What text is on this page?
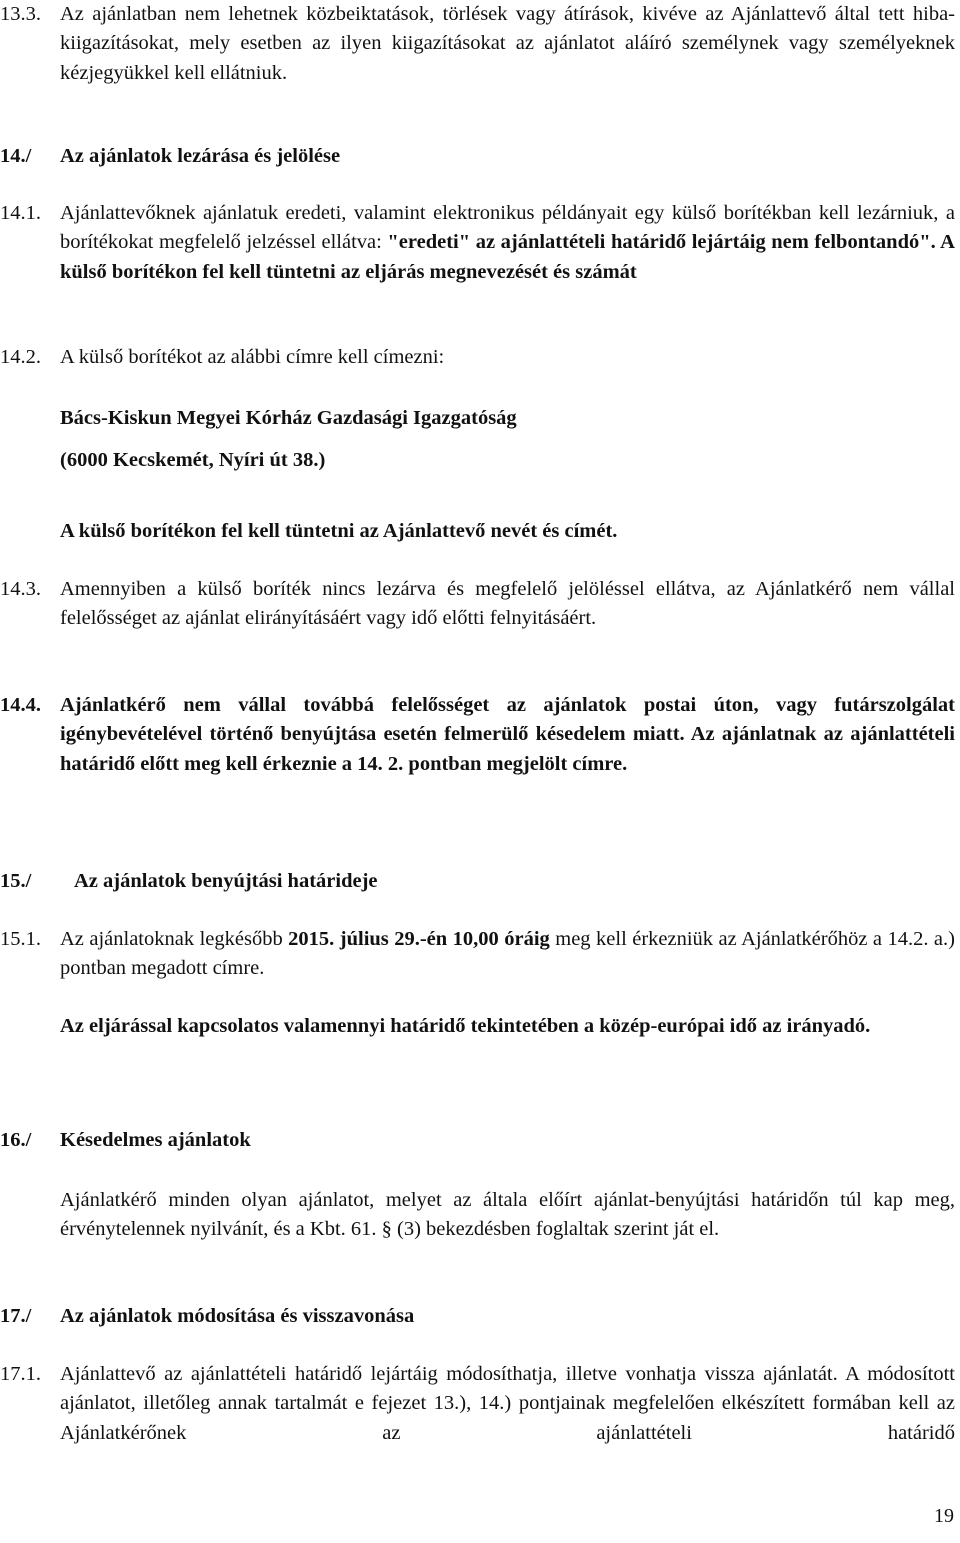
13.3. Az ajánlatban nem lehetnek közbeiktatások, törlések vagy átírások, kivéve az Ajánlattevő által tett hiba-kiigazításokat, mely esetben az ilyen kiigazításokat az ajánlatot aláíró személynek vagy személyeknek kézjegyükkel kell ellátniuk.

14./ Az ajánlatok lezárása és jelölése
14.1. Ajánlattevőknek ajánlatuk eredeti, valamint elektronikus példányait egy külső borítékban kell lezárniuk, a borítékokat megfelelő jelzéssel ellátva: "eredeti" az ajánlattételi határidő lejártáig nem felbontandó". A külső borítékon fel kell tüntetni az eljárás megnevezését és számát

14.2. A külső borítékot az alábbi címre kell címezni:
Bács-Kiskun Megyei Kórház Gazdasági Igazgatóság
(6000 Kecskemét, Nyíri út 38.)
A külső borítékon fel kell tüntetni az Ajánlattevő nevét és címét.
14.3. Amennyiben a külső boríték nincs lezárva és megfelelő jelöléssel ellátva, az Ajánlatkérő nem vállal felelősséget az ajánlat elirányításáért vagy idő előtti felnyitásáért.

14.4. Ajánlatkérő nem vállal továbbá felelősséget az ajánlatok postai úton, vagy futárszolgálat igénybevételével történő benyújtása esetén felmerülő késedelem miatt. Az ajánlatnak az ajánlattételi határidő előtt meg kell érkeznie a 14. 2. pontban megjelölt címre.

15./ Az ajánlatok benyújtási határideje
15.1. Az ajánlatoknak legkésőbb 2015. július 29.-én 10,00 óráig meg kell érkezniük az Ajánlatkérőhöz a 14.2. a.) pontban megadott címre.

Az eljárással kapcsolatos valamennyi határidő tekintetében a közép-európai idő az irányadó.

16./ Késedelmes ajánlatok

Ajánlatkérő minden olyan ajánlatot, melyet az általa előírt ajánlat-benyújtási határidőn túl kap meg, érvénytelennek nyilvánít, és a Kbt. 61. § (3) bekezdésben foglaltak szerint ját el.

17./ Az ajánlatok módosítása és visszavonása
17.1. Ajánlattevő az ajánlattételi határidő lejártáig módosíthatja, illetve vonhatja vissza ajánlatát. A módosított ajánlatot, illetőleg annak tartalmát e fejezet 13.), 14.) pontjainak megfelelően elkészített formában kell az Ajánlatkérőnek az ajánlattételi határidő

19
